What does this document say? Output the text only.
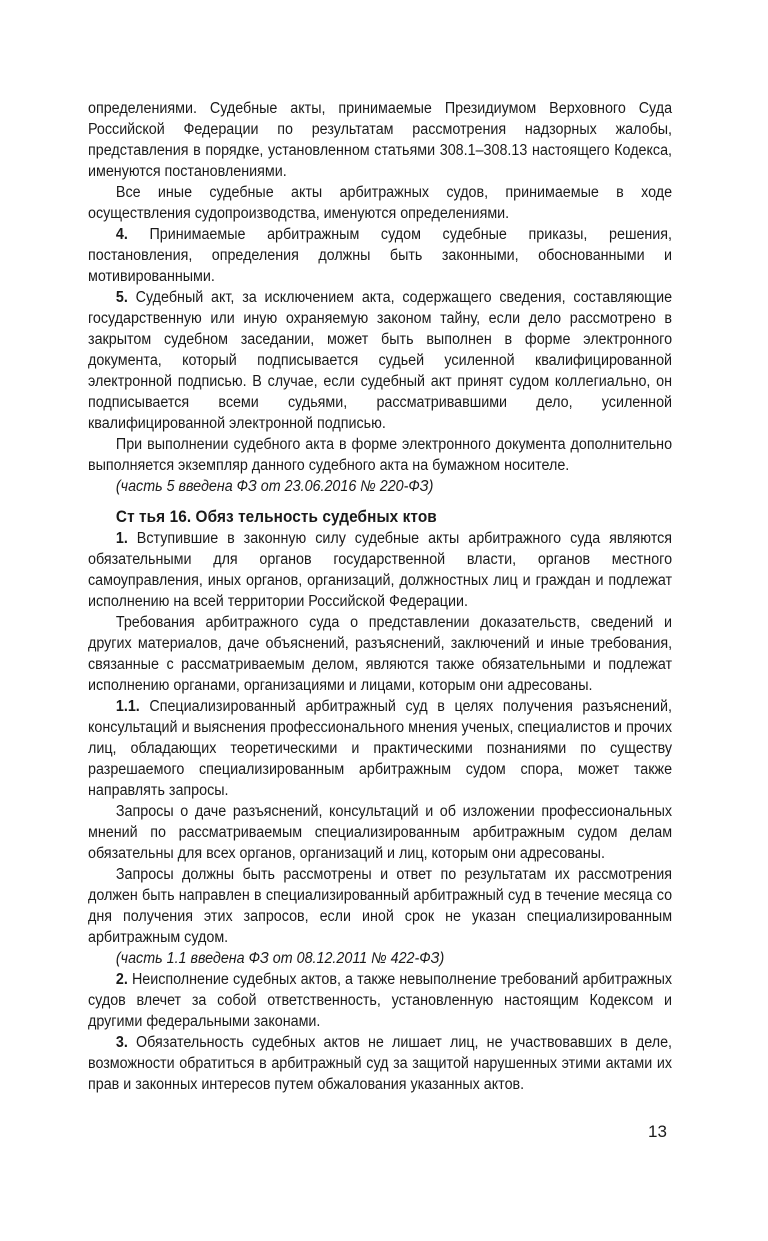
определениями. Судебные акты, принимаемые Президиумом Верховного Суда Российской Федерации по результатам рассмотрения надзорных жалобы, представления в порядке, установленном статьями 308.1–308.13 настоящего Кодекса, именуются постановлениями.

Все иные судебные акты арбитражных судов, принимаемые в ходе осуществления судопроизводства, именуются определениями.

4. Принимаемые арбитражным судом судебные приказы, решения, постановления, определения должны быть законными, обоснованными и мотивированными.

5. Судебный акт, за исключением акта, содержащего сведения, составляющие государственную или иную охраняемую законом тайну, если дело рассмотрено в закрытом судебном заседании, может быть выполнен в форме электронного документа, который подписывается судьей усиленной квалифицированной электронной подписью. В случае, если судебный акт принят судом коллегиально, он подписывается всеми судьями, рассматривавшими дело, усиленной квалифицированной электронной подписью.

При выполнении судебного акта в форме электронного документа дополнительно выполняется экземпляр данного судебного акта на бумажном носителе.

(часть 5 введена ФЗ от 23.06.2016 № 220-ФЗ)

Ст тья 16. Обяз тельность судебных ктов

1. Вступившие в законную силу судебные акты арбитражного суда являются обязательными для органов государственной власти, органов местного самоуправления, иных органов, организаций, должностных лиц и граждан и подлежат исполнению на всей территории Российской Федерации.

Требования арбитражного суда о представлении доказательств, сведений и других материалов, даче объяснений, разъяснений, заключений и иные требования, связанные с рассматриваемым делом, являются также обязательными и подлежат исполнению органами, организациями и лицами, которым они адресованы.

1.1. Специализированный арбитражный суд в целях получения разъяснений, консультаций и выяснения профессионального мнения ученых, специалистов и прочих лиц, обладающих теоретическими и практическими познаниями по существу разрешаемого специализированным арбитражным судом спора, может также направлять запросы.

Запросы о даче разъяснений, консультаций и об изложении профессиональных мнений по рассматриваемым специализированным арбитражным судом делам обязательны для всех органов, организаций и лиц, которым они адресованы.

Запросы должны быть рассмотрены и ответ по результатам их рассмотрения должен быть направлен в специализированный арбитражный суд в течение месяца со дня получения этих запросов, если иной срок не указан специализированным арбитражным судом.

(часть 1.1 введена ФЗ от 08.12.2011 № 422-ФЗ)

2. Неисполнение судебных актов, а также невыполнение требований арбитражных судов влечет за собой ответственность, установленную настоящим Кодексом и другими федеральными законами.

3. Обязательность судебных актов не лишает лиц, не участвовавших в деле, возможности обратиться в арбитражный суд за защитой нарушенных этими актами их прав и законных интересов путем обжалования указанных актов.

13
